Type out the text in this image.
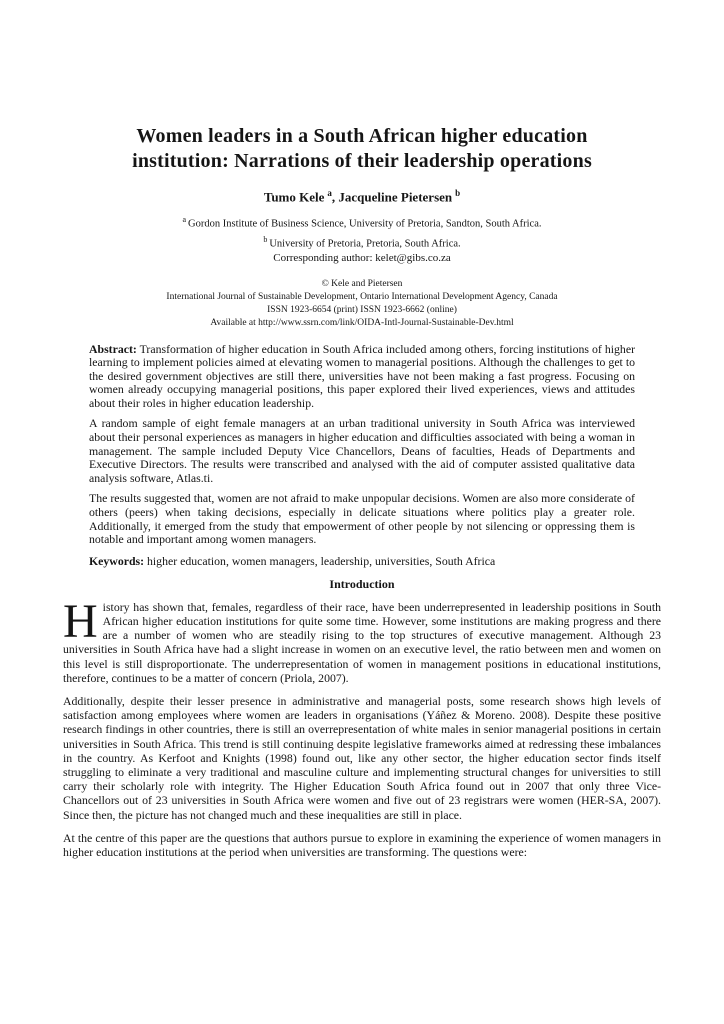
Women leaders in a South African higher education
institution: Narrations of their leadership operations
Tumo Kele $^a$, Jacqueline Pietersen $^b$
$^a$ Gordon Institute of Business Science, University of Pretoria, Sandton, South Africa.
$^b$ University of Pretoria, Pretoria, South Africa.
Corresponding author: kelet@gibs.co.za
© Kele and Pietersen
International Journal of Sustainable Development, Ontario International Development Agency, Canada
ISSN 1923-6654 (print) ISSN 1923-6662 (online)
Available at http://www.ssrn.com/link/OIDA-Intl-Journal-Sustainable-Dev.html

Abstract: Transformation of higher education in South Africa included among others, forcing institutions of higher learning to implement policies aimed at elevating women to managerial positions. Although the challenges to get to the desired government objectives are still there, universities have not been making a fast progress. Focusing on women already occupying managerial positions, this paper explored their lived experiences, views and attitudes about their roles in higher education leadership.

A random sample of eight female managers at an urban traditional university in South Africa was interviewed about their personal experiences as managers in higher education and difficulties associated with being a woman in management. The sample included Deputy Vice Chancellors, Deans of faculties, Heads of Departments and Executive Directors. The results were transcribed and analysed with the aid of computer assisted qualitative data analysis software, Atlas.ti.

The results suggested that, women are not afraid to make unpopular decisions. Women are also more considerate of others (peers) when taking decisions, especially in delicate situations where politics play a greater role. Additionally, it emerged from the study that empowerment of other people by not silencing or oppressing them is notable and important among women managers.

Keywords: higher education, women managers, leadership, universities, South Africa
Introduction

History has shown that, females, regardless of their race, have been underrepresented in leadership positions in South African higher education institutions for quite some time. However, some institutions are making progress and there are a number of women who are steadily rising to the top structures of executive management. Although 23 universities in South Africa have had a slight increase in women on an executive level, the ratio between men and women on this level is still disproportionate. The underrepresentation of women in management positions in educational institutions, therefore, continues to be a matter of concern (Priola, 2007).

Additionally, despite their lesser presence in administrative and managerial posts, some research shows high levels of satisfaction among employees where women are leaders in organisations (Yáñez & Moreno. 2008). Despite these positive research findings in other countries, there is still an overrepresentation of white males in senior managerial positions in certain universities in South Africa. This trend is still continuing despite legislative frameworks aimed at redressing these imbalances in the country. As Kerfoot and Knights (1998) found out, like any other sector, the higher education sector finds itself struggling to eliminate a very traditional and masculine culture and implementing structural changes for universities to still carry their scholarly role with integrity. The Higher Education South Africa found out in 2007 that only three Vice-Chancellors out of 23 universities in South Africa were women and five out of 23 registrars were women (HER-SA, 2007). Since then, the picture has not changed much and these inequalities are still in place.

At the centre of this paper are the questions that authors pursue to explore in examining the experience of women managers in higher education institutions at the period when universities are transforming. The questions were:
